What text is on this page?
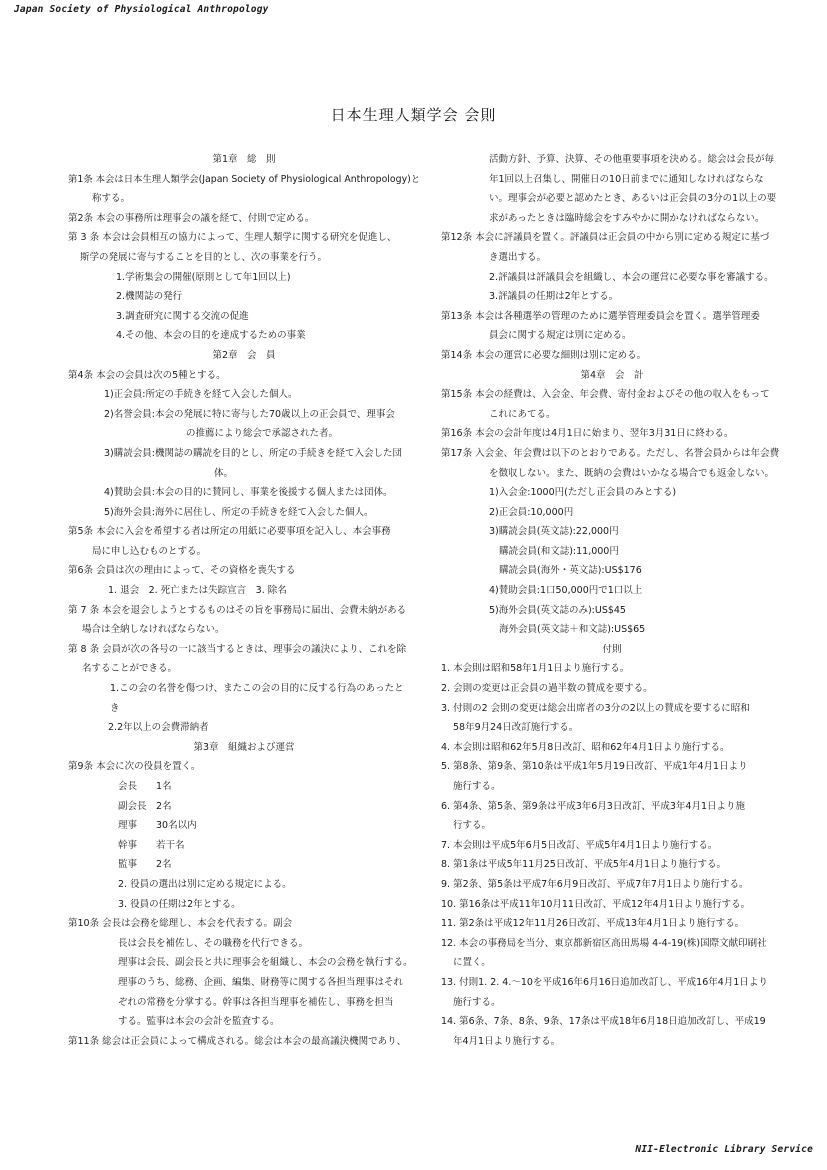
Japan Society of Physiological Anthropology
日本生理人類学会 会則
第1章　総　則
第1条 本会は日本生理人類学会(Japan Society of Physiological Anthropology)と
称する。
第2条 本会の事務所は理事会の議を経て、付則で定める。
第 3 条 本会は会員相互の協力によって、生理人類学に関する研究を促進し、
斯学の発展に寄与することを目的とし、次の事業を行う。
1.学術集会の開催(原則として年1回以上)
2.機関誌の発行
3.調査研究に関する交流の促進
4.その他、本会の目的を達成するための事業
第2章　会　員
第4条 本会の会員は次の5種とする。
1)正会員:所定の手続きを経て入会した個人。
2)名誉会員:本会の発展に特に寄与した70歳以上の正会員で、理事会
の推薦により総会で承認された者。
3)購読会員:機関誌の購読を目的とし、所定の手続きを経て入会した団
体。
4)賛助会員:本会の目的に賛同し、事業を後援する個人または団体。
5)海外会員:海外に居住し、所定の手続きを経て入会した個人。
第5条 本会に入会を希望する者は所定の用紙に必要事項を記入し、本会事務
局に申し込むものとする。
第6条 会員は次の理由によって、その資格を喪失する
1. 退会　2. 死亡または失踪宣言　3. 除名
第 7 条 本会を退会しようとするものはその旨を事務局に届出、会費未納がある
場合は全納しなければならない。
第 8 条 会員が次の各号の一に該当するときは、理事会の議決により、これを除
名することができる。
1.この会の名誉を傷つけ、またこの会の目的に反する行為のあったと
き
2.2年以上の会費滞納者
第3章　組織および運営
第9条 本会に次の役員を置く。
会長　　1名
副会長　2名
理事　　30名以内
幹事　　若干名
監事　　2名
2. 役員の選出は別に定める規定による。
3. 役員の任期は2年とする。
第10条 会長は会務を総理し、本会を代表する。副会
長は会長を補佐し、その職務を代行できる。
理事は会長、副会長と共に理事会を組織し、本会の会務を執行する。
理事のうち、総務、企画、編集、財務等に関する各担当理事はそれ
ぞれの常務を分掌する。幹事は各担当理事を補佐し、事務を担当
する。監事は本会の会計を監査する。
第11条 総会は正会員によって構成される。総会は本会の最高議決機関であり、
活動方針、予算、決算、その他重要事項を決める。総会は会長が毎
年1回以上召集し、開催日の10日前までに通知しなければならな
い。理事会が必要と認めたとき、あるいは正会員の3分の1以上の要
求があったときは臨時総会をすみやかに開かなければならない。
第12条 本会に評議員を置く。評議員は正会員の中から別に定める規定に基づ
き選出する。
2.評議員は評議員会を組織し、本会の運営に必要な事を審議する。
3.評議員の任期は2年とする。
第13条 本会は各種選挙の管理のために選挙管理委員会を置く。選挙管理委
員会に関する規定は別に定める。
第14条 本会の運営に必要な細則は別に定める。
第4章　会　計
第15条 本会の経費は、入会金、年会費、寄付金およびその他の収入をもって
これにあてる。
第16条 本会の会計年度は4月1日に始まり、翌年3月31日に終わる。
第17条 入会金、年会費は以下のとおりである。ただし、名誉会員からは年会費
を徴収しない。また、既納の会費はいかなる場合でも返金しない。
1)入会金:1000円(ただし正会員のみとする)
2)正会員:10,000円
3)購読会員(英文誌):22,000円
購読会員(和文誌):11,000円
購読会員(海外・英文誌):US$176
4)賛助会員:1口50,000円で1口以上
5)海外会員(英文誌のみ):US$45
海外会員(英文誌＋和文誌):US$65
付則
1. 本会則は昭和58年1月1日より施行する。
2. 会則の変更は正会員の過半数の賛成を要する。
3. 付則の2 会則の変更は総会出席者の3分の2以上の賛成を要するに昭和
58年9月24日改訂施行する。
4. 本会則は昭和62年5月8日改訂、昭和62年4月1日より施行する。
5. 第8条、第9条、第10条は平成1年5月19日改訂、平成1年4月1日より
施行する。
6. 第4条、第5条、第9条は平成3年6月3日改訂、平成3年4月1日より施
行する。
7. 本会則は平成5年6月5日改訂、平成5年4月1日より施行する。
8. 第1条は平成5年11月25日改訂、平成5年4月1日より施行する。
9. 第2条、第5条は平成7年6月9日改訂、平成7年7月1日より施行する。
10. 第16条は平成11年10月11日改訂、平成12年4月1日より施行する。
11. 第2条は平成12年11月26日改訂、平成13年4月1日より施行する。
12. 本会の事務局を当分、東京都新宿区高田馬場 4-4-19(株)国際文献印刷社
に置く。
13. 付則1. 2. 4.～10を平成16年6月16日追加改訂し、平成16年4月1日より
施行する。
14. 第6条、7条、8条、9条、17条は平成18年6月18日追加改訂し、平成19
年4月1日より施行する。
NII-Electronic Library Service
